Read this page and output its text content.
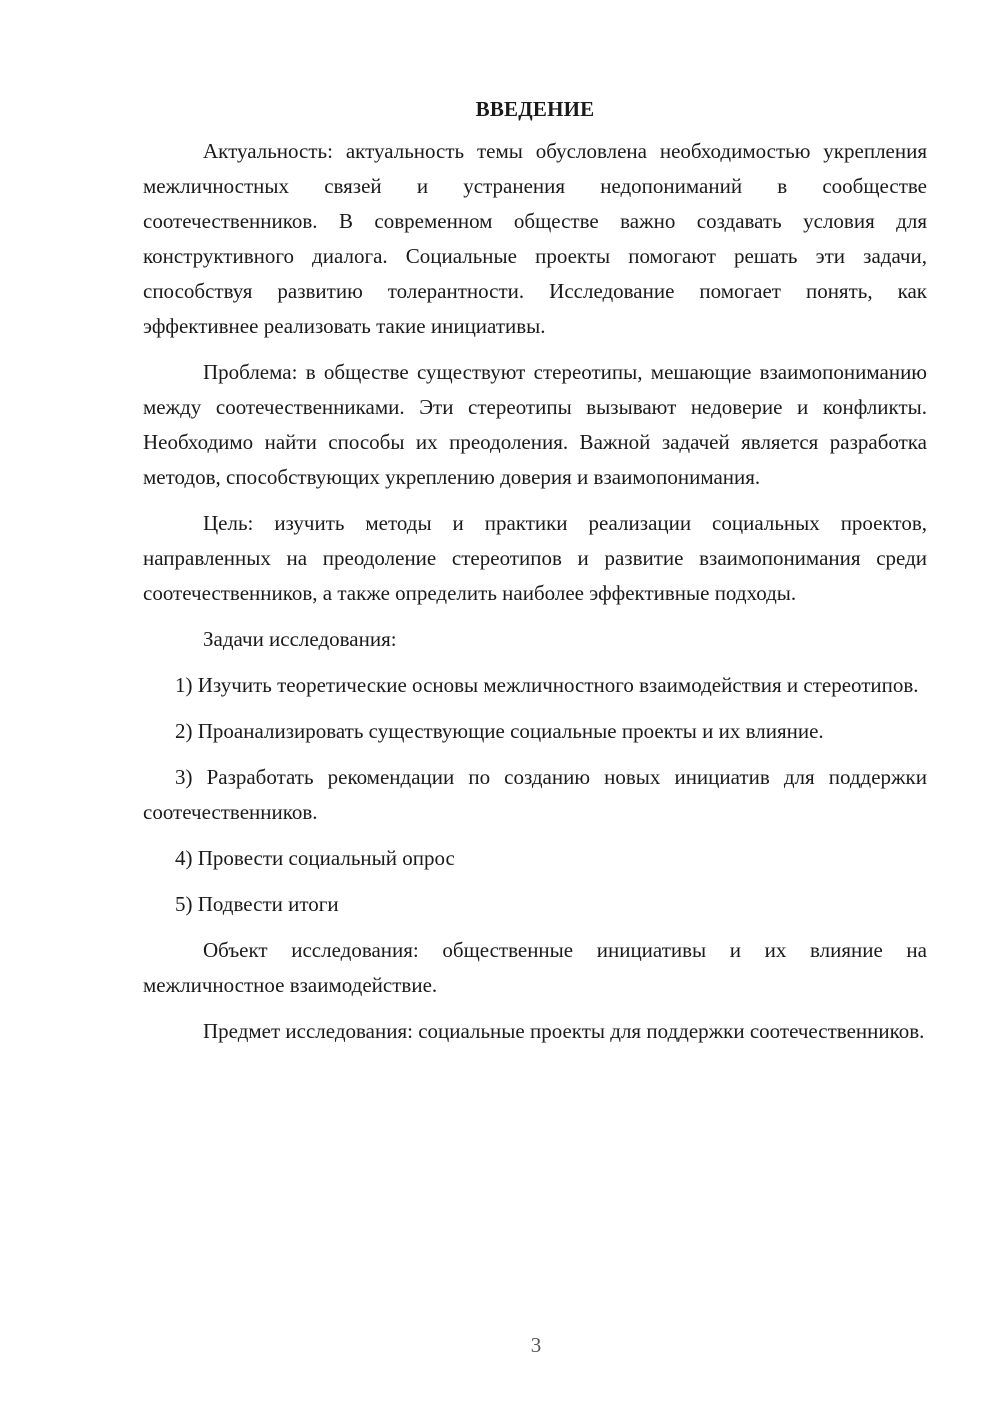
ВВЕДЕНИЕ

Актуальность: актуальность темы обусловлена необходимостью укрепления межличностных связей и устранения недопониманий в сообществе соотечественников. В современном обществе важно создавать условия для конструктивного диалога. Социальные проекты помогают решать эти задачи, способствуя развитию толерантности. Исследование помогает понять, как эффективнее реализовать такие инициативы.

Проблема: в обществе существуют стереотипы, мешающие взаимопониманию между соотечественниками. Эти стереотипы вызывают недоверие и конфликты. Необходимо найти способы их преодоления. Важной задачей является разработка методов, способствующих укреплению доверия и взаимопонимания.

Цель: изучить методы и практики реализации социальных проектов, направленных на преодоление стереотипов и развитие взаимопонимания среди соотечественников, а также определить наиболее эффективные подходы.

Задачи исследования:

1) Изучить теоретические основы межличностного взаимодействия и стереотипов.

2) Проанализировать существующие социальные проекты и их влияние.

3) Разработать рекомендации по созданию новых инициатив для поддержки соотечественников.

4) Провести социальный опрос

5) Подвести итоги

Объект исследования: общественные инициативы и их влияние на межличностное взаимодействие.

Предмет исследования: социальные проекты для поддержки соотечественников.

3
